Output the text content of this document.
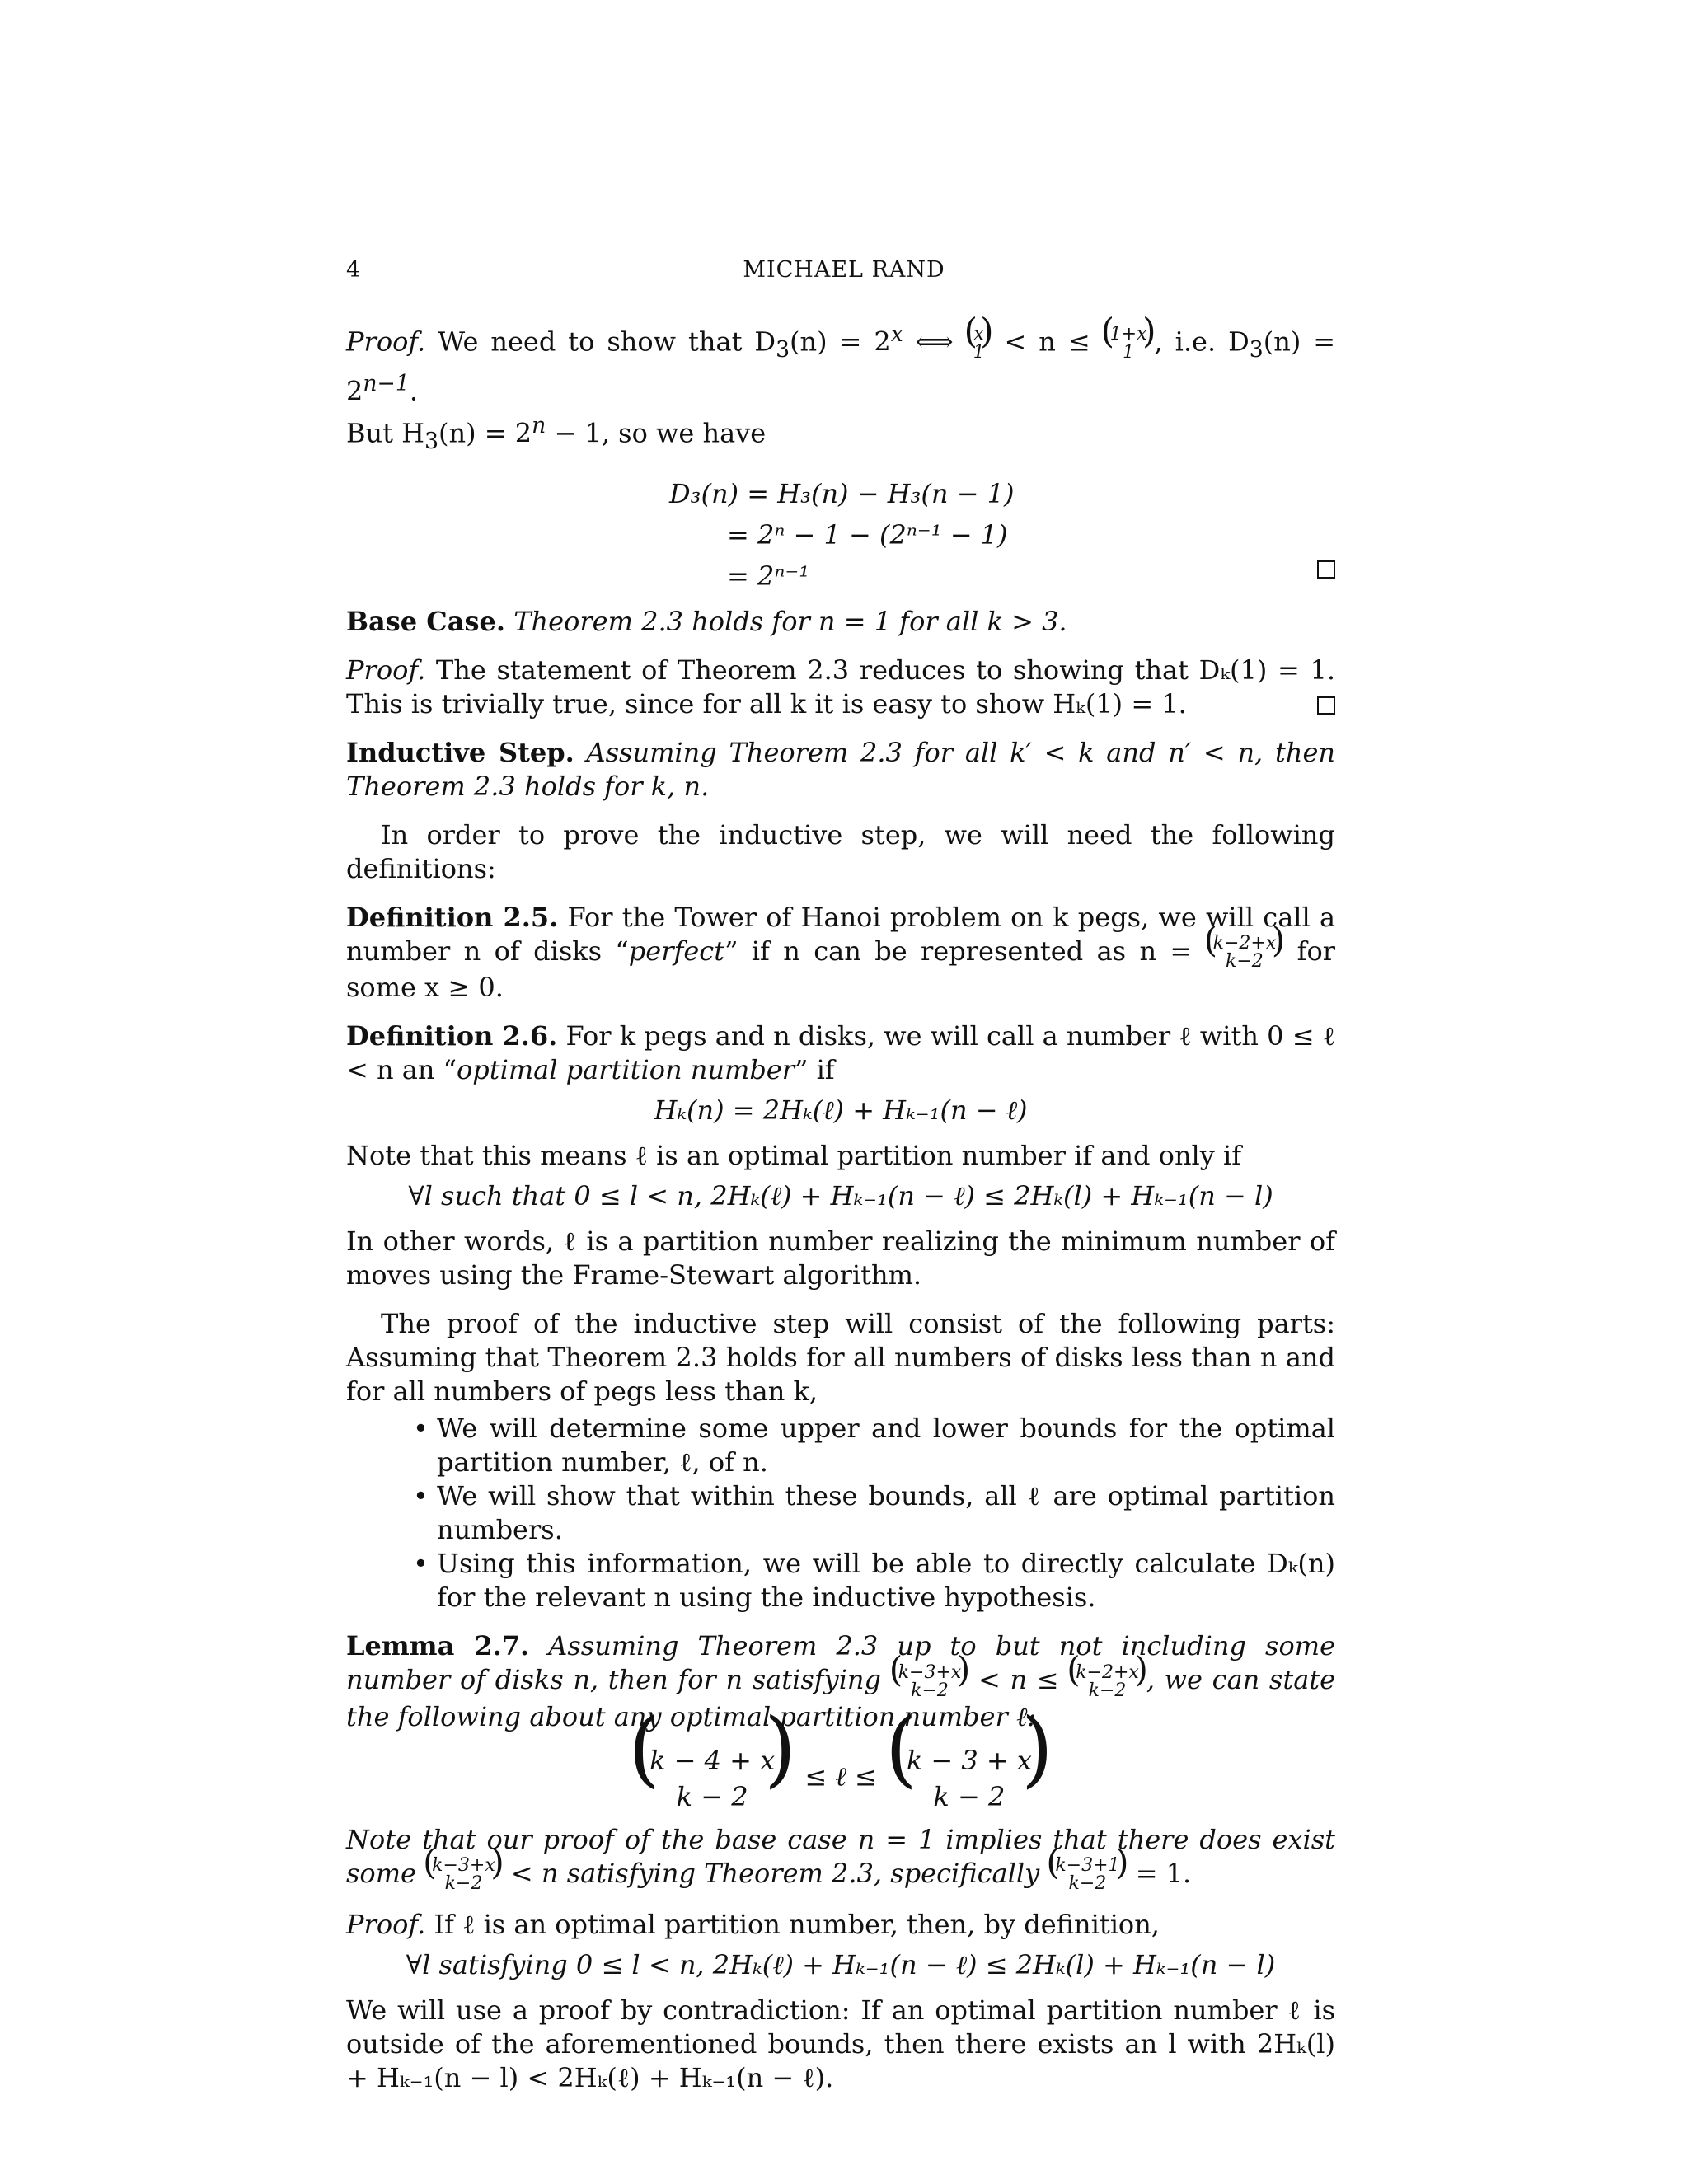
4	MICHAEL RAND

Proof. We need to show that $D_3(n) = 2^x$ ⟺ ( x
1
) < n ≤ ( 1+x
1
) , i.e. $D_3(n) = 2^{n-1}$.
But $H_3(n) = 2^n - 1$, so we have

D₃(n) = H₃(n) − H₃(n − 1)
= 2ⁿ − 1 − (2ⁿ⁻¹ − 1)
= 2ⁿ⁻¹

Base Case. Theorem 2.3 holds for n = 1 for all k > 3.

Proof. The statement of Theorem 2.3 reduces to showing that Dₖ(1) = 1. This is trivially true, since for all k it is easy to show Hₖ(1) = 1.

Inductive Step. Assuming Theorem 2.3 for all k′ < k and n′ < n, then Theorem 2.3 holds for k, n.

In order to prove the inductive step, we will need the following definitions:

Definition 2.5. For the Tower of Hanoi problem on k pegs, we will call a number n of disks “perfect” if n can be represented as n = ( k−2+x
k−2
)	for some x ≥ 0.

Definition 2.6. For k pegs and n disks, we will call a number ℓ with 0 ≤ ℓ < n an “optimal partition number” if

Hₖ(n) = 2Hₖ(ℓ) + Hₖ₋₁(n − ℓ)

Note that this means ℓ is an optimal partition number if and only if

∀l such that 0 ≤ l < n, 2Hₖ(ℓ) + Hₖ₋₁(n − ℓ) ≤ 2Hₖ(l) + Hₖ₋₁(n − l)

In other words, ℓ is a partition number realizing the minimum number of moves using the Frame-Stewart algorithm.

The proof of the inductive step will consist of the following parts: Assuming that Theorem 2.3 holds for all numbers of disks less than n and for all numbers of pegs less than k,

• We will determine some upper and lower bounds for the optimal partition number, ℓ, of n.
• We will show that within these bounds, all ℓ are optimal partition numbers.
• Using this information, we will be able to directly calculate Dₖ(n) for the relevant n using the inductive hypothesis.

Lemma 2.7. Assuming Theorem 2.3 up to but not including some number of disks n, then for n satisfying ( k−3+x
k−2
)	< n ≤ ( k−2+x
k−2
) , we can state the following about any optimal partition number ℓ:

( k − 4 + x
k − 2
) ≤ ℓ ≤
( k − 3 + x
k − 2
)

Note that our proof of the base case n = 1 implies that there does exist some ( k−3+x
k−2
)	< n satisfying Theorem 2.3, specifically ( k−3+1
k−2
)	= 1.

Proof. If ℓ is an optimal partition number, then, by definition,

∀l satisfying 0 ≤ l < n, 2Hₖ(ℓ) + Hₖ₋₁(n − ℓ) ≤ 2Hₖ(l) + Hₖ₋₁(n − l)

We will use a proof by contradiction: If an optimal partition number ℓ is outside of the aforementioned bounds, then there exists an l with 2Hₖ(l) + Hₖ₋₁(n − l) < 2Hₖ(ℓ) + Hₖ₋₁(n − ℓ).
